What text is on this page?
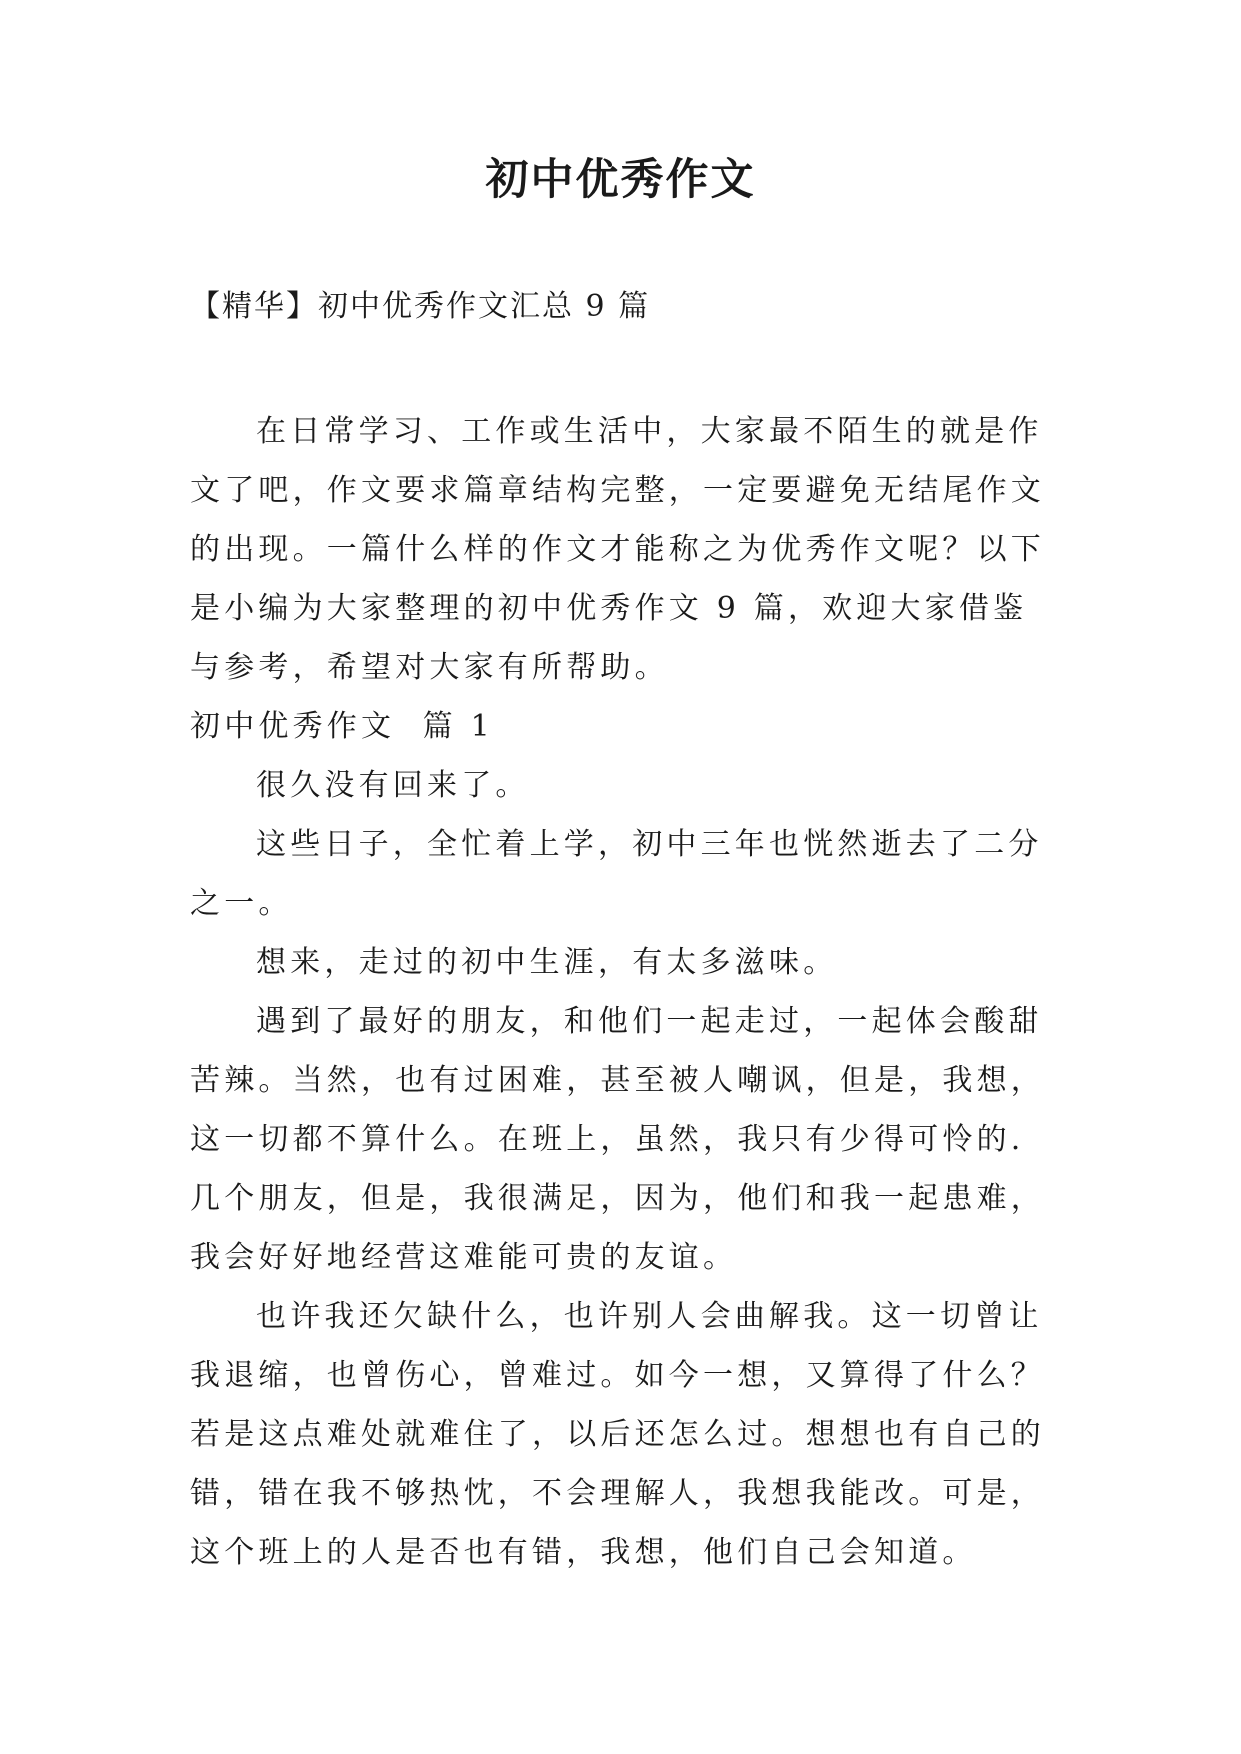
初中优秀作文
【精华】初中优秀作文汇总 9 篇

在日常学习、工作或生活中，大家最不陌生的就是作文了吧，作文要求篇章结构完整，一定要避免无结尾作文的出现。一篇什么样的作文才能称之为优秀作文呢？以下是小编为大家整理的初中优秀作文 9 篇，欢迎大家借鉴与参考，希望对大家有所帮助。

初中优秀作文  篇 1

很久没有回来了。

这些日子，全忙着上学，初中三年也恍然逝去了二分之一。

想来，走过的初中生涯，有太多滋味。

遇到了最好的朋友，和他们一起走过，一起体会酸甜苦辣。当然，也有过困难，甚至被人嘲讽，但是，我想，这一切都不算什么。在班上，虽然，我只有少得可怜的.几个朋友，但是，我很满足，因为，他们和我一起患难，我会好好地经营这难能可贵的友谊。

也许我还欠缺什么，也许别人会曲解我。这一切曾让我退缩，也曾伤心，曾难过。如今一想，又算得了什么？若是这点难处就难住了，以后还怎么过。想想也有自己的错，错在我不够热忱，不会理解人，我想我能改。可是，这个班上的人是否也有错，我想，他们自己会知道。
